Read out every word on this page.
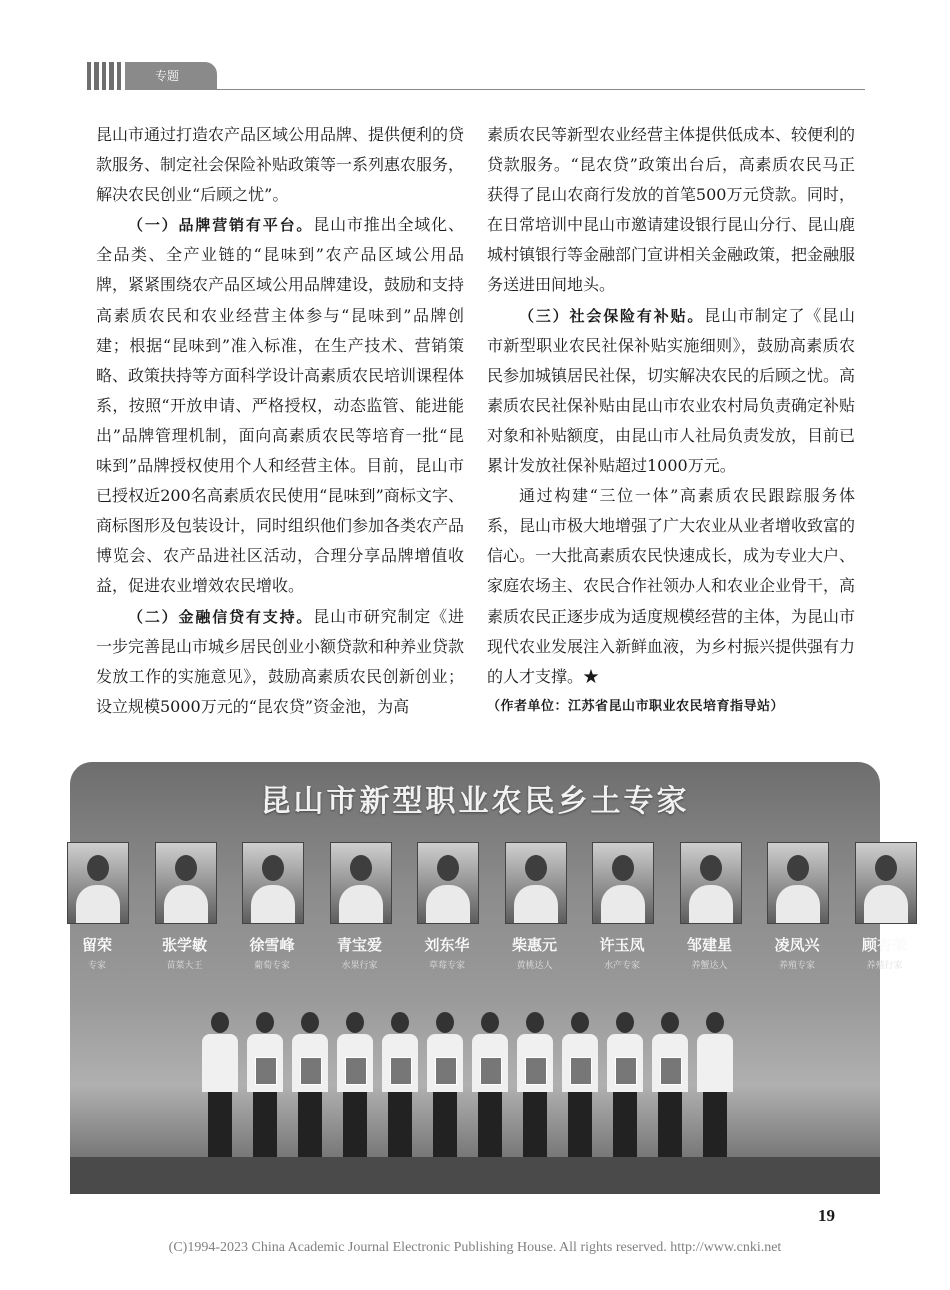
专题

昆山市通过打造农产品区域公用品牌、提供便利的贷款服务、制定社会保险补贴政策等一系列惠农服务，解决农民创业“后顾之忧”。

（一）品牌营销有平台。昆山市推出全域化、全品类、全产业链的“昆味到”农产品区域公用品牌，紧紧围绕农产品区域公用品牌建设，鼓励和支持高素质农民和农业经营主体参与“昆味到”品牌创建；根据“昆味到”准入标准，在生产技术、营销策略、政策扶持等方面科学设计高素质农民培训课程体系，按照“开放申请、严格授权，动态监管、能进能出”品牌管理机制，面向高素质农民等培育一批“昆味到”品牌授权使用个人和经营主体。目前，昆山市已授权近200名高素质农民使用“昆味到”商标文字、商标图形及包装设计，同时组织他们参加各类农产品博览会、农产品进社区活动，合理分享品牌增值收益，促进农业增效农民增收。

（二）金融信贷有支持。昆山市研究制定《进一步完善昆山市城乡居民创业小额贷款和种养业贷款发放工作的实施意见》，鼓励高素质农民创新创业；设立规模5000万元的“昆农贷”资金池，为高

素质农民等新型农业经营主体提供低成本、较便利的贷款服务。“昆农贷”政策出台后，高素质农民马正获得了昆山农商行发放的首笔500万元贷款。同时，在日常培训中昆山市邀请建设银行昆山分行、昆山鹿城村镇银行等金融部门宣讲相关金融政策，把金融服务送进田间地头。

（三）社会保险有补贴。昆山市制定了《昆山市新型职业农民社保补贴实施细则》，鼓励高素质农民参加城镇居民社保，切实解决农民的后顾之忧。高素质农民社保补贴由昆山市农业农村局负责确定补贴对象和补贴额度，由昆山市人社局负责发放，目前已累计发放社保补贴超过1000万元。

通过构建“三位一体”高素质农民跟踪服务体系，昆山市极大地增强了广大农业从业者增收致富的信心。一大批高素质农民快速成长，成为专业大户、家庭农场主、农民合作社领办人和农业企业骨干，高素质农民正逐步成为适度规模经营的主体，为昆山市现代农业发展注入新鲜血液，为乡村振兴提供强有力的人才支撑。★

（作者单位：江苏省昆山市职业农民培育指导站）

昆山市新型职业农民乡土专家
留荣
专家
张学敏
苗菜大王
徐雪峰
葡萄专家
青宝爱
水果行家
刘东华
草莓专家
柴惠元
黄桃达人
许玉凤
水产专家
邹建星
养蟹达人
凌凤兴
养殖专家
顾杏荣
养殖行家
19
(C)1994-2023 China Academic Journal Electronic Publishing House. All rights reserved. http://www.cnki.net
